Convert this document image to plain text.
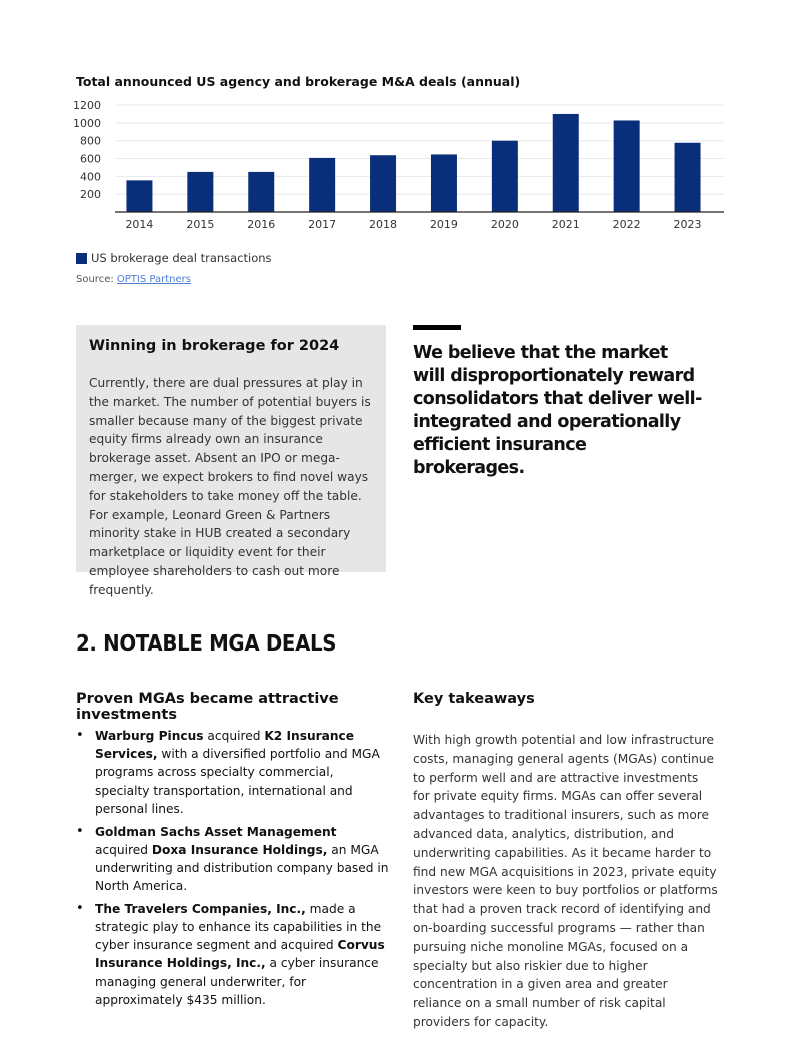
Total announced US agency and brokerage M&A deals (annual)
200
400
600
800
1000
1200
2014	2015	2016	2017	2018	2019	2020	2021	2022	2023
US brokerage deal transactions
Source: OPTIS Partners
Winning in brokerage for 2024

Currently, there are dual pressures at play in the market. The number of potential buyers is smaller because many of the biggest private equity firms already own an insurance brokerage asset. Absent an IPO or mega-merger, we expect brokers to find novel ways for stakeholders to take money off the table. For example, Leonard Green & Partners minority stake in HUB created a secondary marketplace or liquidity event for their employee shareholders to cash out more frequently.

We believe that the market will disproportionately reward consolidators that deliver well-integrated and operationally efficient insurance brokerages.
2. NOTABLE MGA DEALS
Proven MGAs became attractive investments
Key takeaways
• Warburg Pincus acquired K2 Insurance Services, with a diversified portfolio and MGA programs across specialty commercial, specialty transportation, international and personal lines.
• Goldman Sachs Asset Management acquired Doxa Insurance Holdings, an MGA underwriting and distribution company based in North America.
• The Travelers Companies, Inc., made a strategic play to enhance its capabilities in the cyber insurance segment and acquired Corvus Insurance Holdings, Inc., a cyber insurance managing general underwriter, for approximately $435 million.

With high growth potential and low infrastructure costs, managing general agents (MGAs) continue to perform well and are attractive investments for private equity firms. MGAs can offer several advantages to traditional insurers, such as more advanced data, analytics, distribution, and underwriting capabilities. As it became harder to find new MGA acquisitions in 2023, private equity investors were keen to buy portfolios or platforms that had a proven track record of identifying and on-boarding successful programs — rather than pursuing niche monoline MGAs, focused on a specialty but also riskier due to higher concentration in a given area and greater reliance on a small number of risk capital providers for capacity.
